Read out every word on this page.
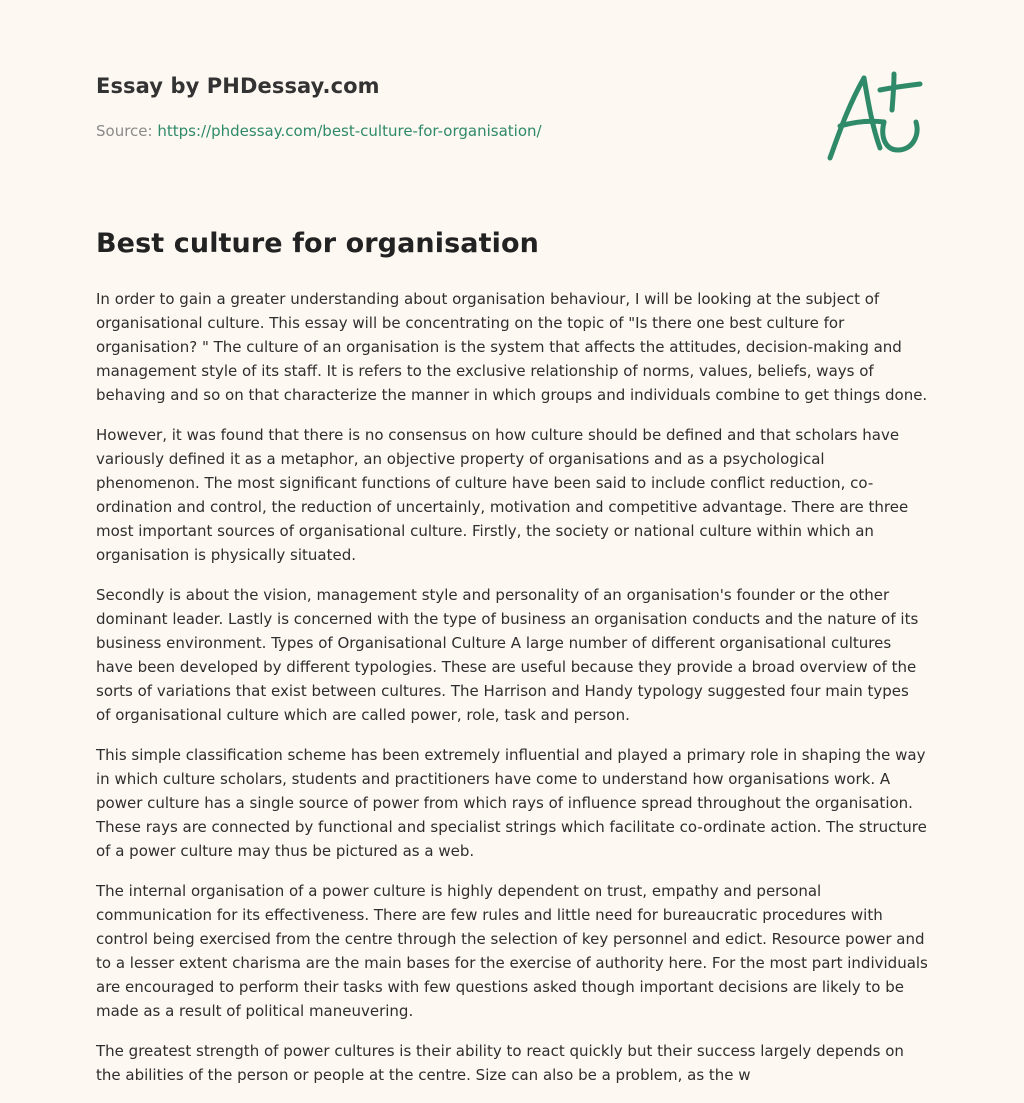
Essay by PHDessay.com
Source: https://phdessay.com/best-culture-for-organisation/
Best culture for organisation

In order to gain a greater understanding about organisation behaviour, I will be looking at the subject of organisational culture. This essay will be concentrating on the topic of "Is there one best culture for organisation? " The culture of an organisation is the system that affects the attitudes, decision-making and management style of its staff. It is refers to the exclusive relationship of norms, values, beliefs, ways of behaving and so on that characterize the manner in which groups and individuals combine to get things done.

However, it was found that there is no consensus on how culture should be defined and that scholars have variously defined it as a metaphor, an objective property of organisations and as a psychological phenomenon. The most significant functions of culture have been said to include conflict reduction, co-ordination and control, the reduction of uncertainly, motivation and competitive advantage. There are three most important sources of organisational culture. Firstly, the society or national culture within which an organisation is physically situated.

Secondly is about the vision, management style and personality of an organisation's founder or the other dominant leader. Lastly is concerned with the type of business an organisation conducts and the nature of its business environment. Types of Organisational Culture A large number of different organisational cultures have been developed by different typologies. These are useful because they provide a broad overview of the sorts of variations that exist between cultures. The Harrison and Handy typology suggested four main types of organisational culture which are called power, role, task and person.

This simple classification scheme has been extremely influential and played a primary role in shaping the way in which culture scholars, students and practitioners have come to understand how organisations work. A power culture has a single source of power from which rays of influence spread throughout the organisation. These rays are connected by functional and specialist strings which facilitate co-ordinate action. The structure of a power culture may thus be pictured as a web.

The internal organisation of a power culture is highly dependent on trust, empathy and personal communication for its effectiveness. There are few rules and little need for bureaucratic procedures with control being exercised from the centre through the selection of key personnel and edict. Resource power and to a lesser extent charisma are the main bases for the exercise of authority here. For the most part individuals are encouraged to perform their tasks with few questions asked though important decisions are likely to be made as a result of political maneuvering.

The greatest strength of power cultures is their ability to react quickly but their success largely depends on the abilities of the person or people at the centre. Size can also be a problem, as the w
